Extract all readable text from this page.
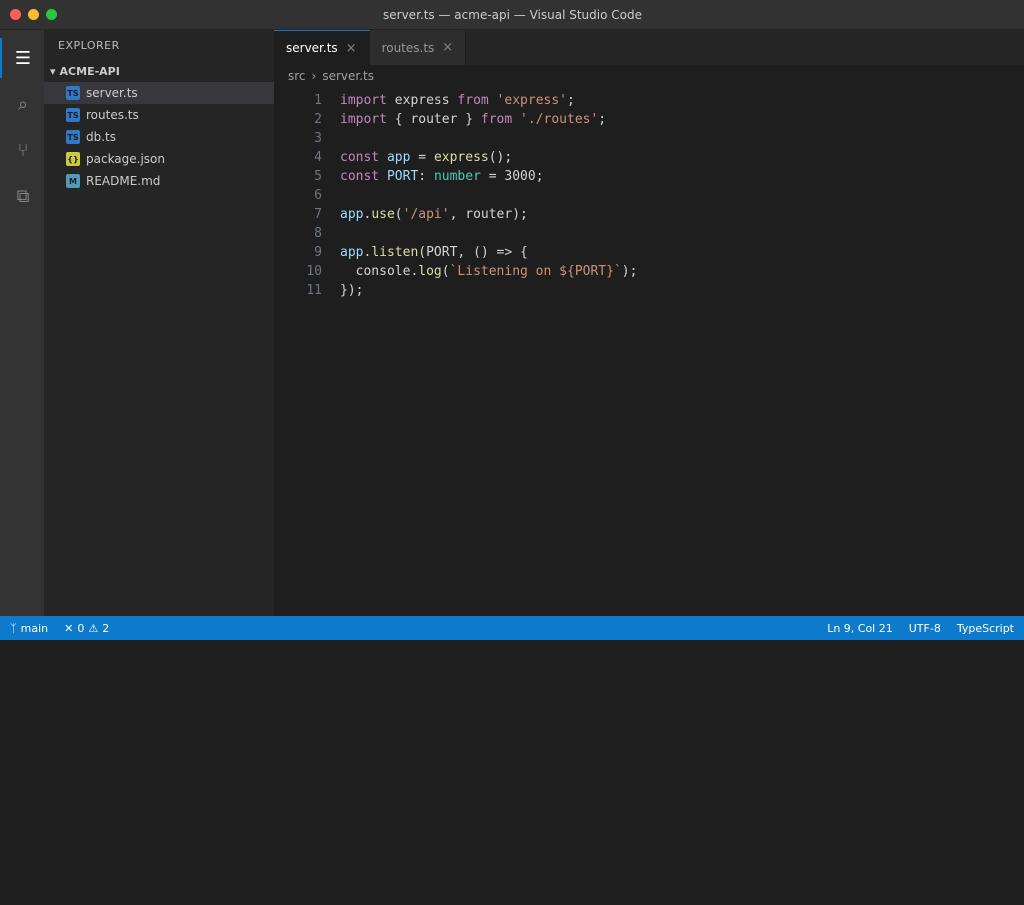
server.ts — acme-api — Visual Studio Code
☰
⌕
⑂
⧉
EXPLORER
▾ ACME-API
TS server.ts
TS routes.ts
TS db.ts
{} package.json
M README.md
server.ts × routes.ts ×
src › server.ts
1	import express from 'express' ;
2	import { router } from './routes' ;
3
4	const app = express ();
5	const PORT : number = 3000 ;
6
7	app . use ( '/api' , router);
8
9	app . listen (PORT, () => {
10	console. log ( `Listening on ${PORT}` );
11	});
ᛉ main ✕ 0 ⚠ 2	Ln 9, Col 21 UTF-8 TypeScript
